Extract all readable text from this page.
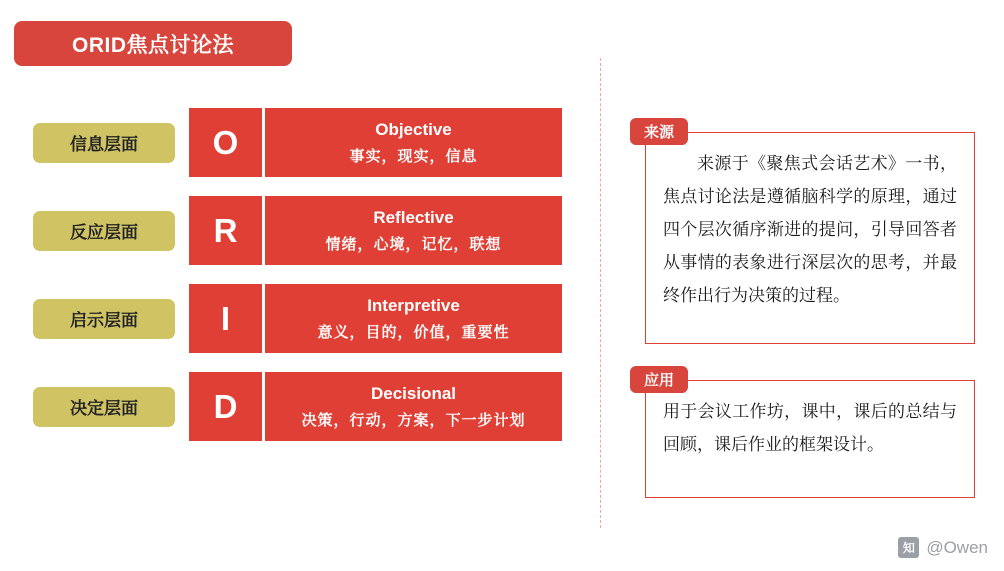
ORID焦点讨论法
信息层面	O	Objective
事实，现实，信息
反应层面	R	Reflective
情绪，心境，记忆，联想
启示层面	I	Interpretive
意义，目的，价值，重要性
决定层面	D	Decisional
决策，行动，方案，下一步计划
来源
来源于《聚焦式会话艺术》一书，焦点讨论法是遵循脑科学的原理，通过四个层次循序渐进的提问，引导回答者从事情的表象进行深层次的思考，并最终作出行为决策的过程。
应用
用于会议工作坊，课中，课后的总结与回顾，课后作业的框架设计。
知 @Owen
